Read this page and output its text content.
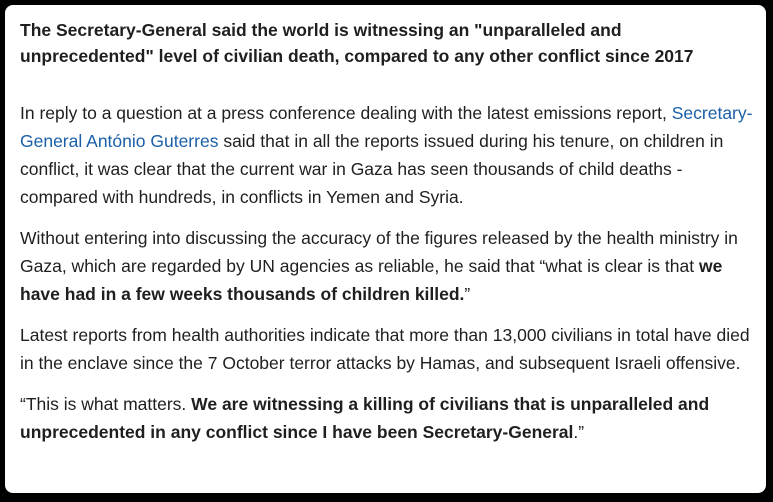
The Secretary-General said the world is witnessing an "unparalleled and unprecedented" level of civilian death, compared to any other conflict since 2017

In reply to a question at a press conference dealing with the latest emissions report, Secretary-General António Guterres said that in all the reports issued during his tenure, on children in conflict, it was clear that the current war in Gaza has seen thousands of child deaths - compared with hundreds, in conflicts in Yemen and Syria.

Without entering into discussing the accuracy of the figures released by the health ministry in Gaza, which are regarded by UN agencies as reliable, he said that “what is clear is that we have had in a few weeks thousands of children killed.”

Latest reports from health authorities indicate that more than 13,000 civilians in total have died in the enclave since the 7 October terror attacks by Hamas, and subsequent Israeli offensive.

“This is what matters. We are witnessing a killing of civilians that is unparalleled and unprecedented in any conflict since I have been Secretary-General.”
